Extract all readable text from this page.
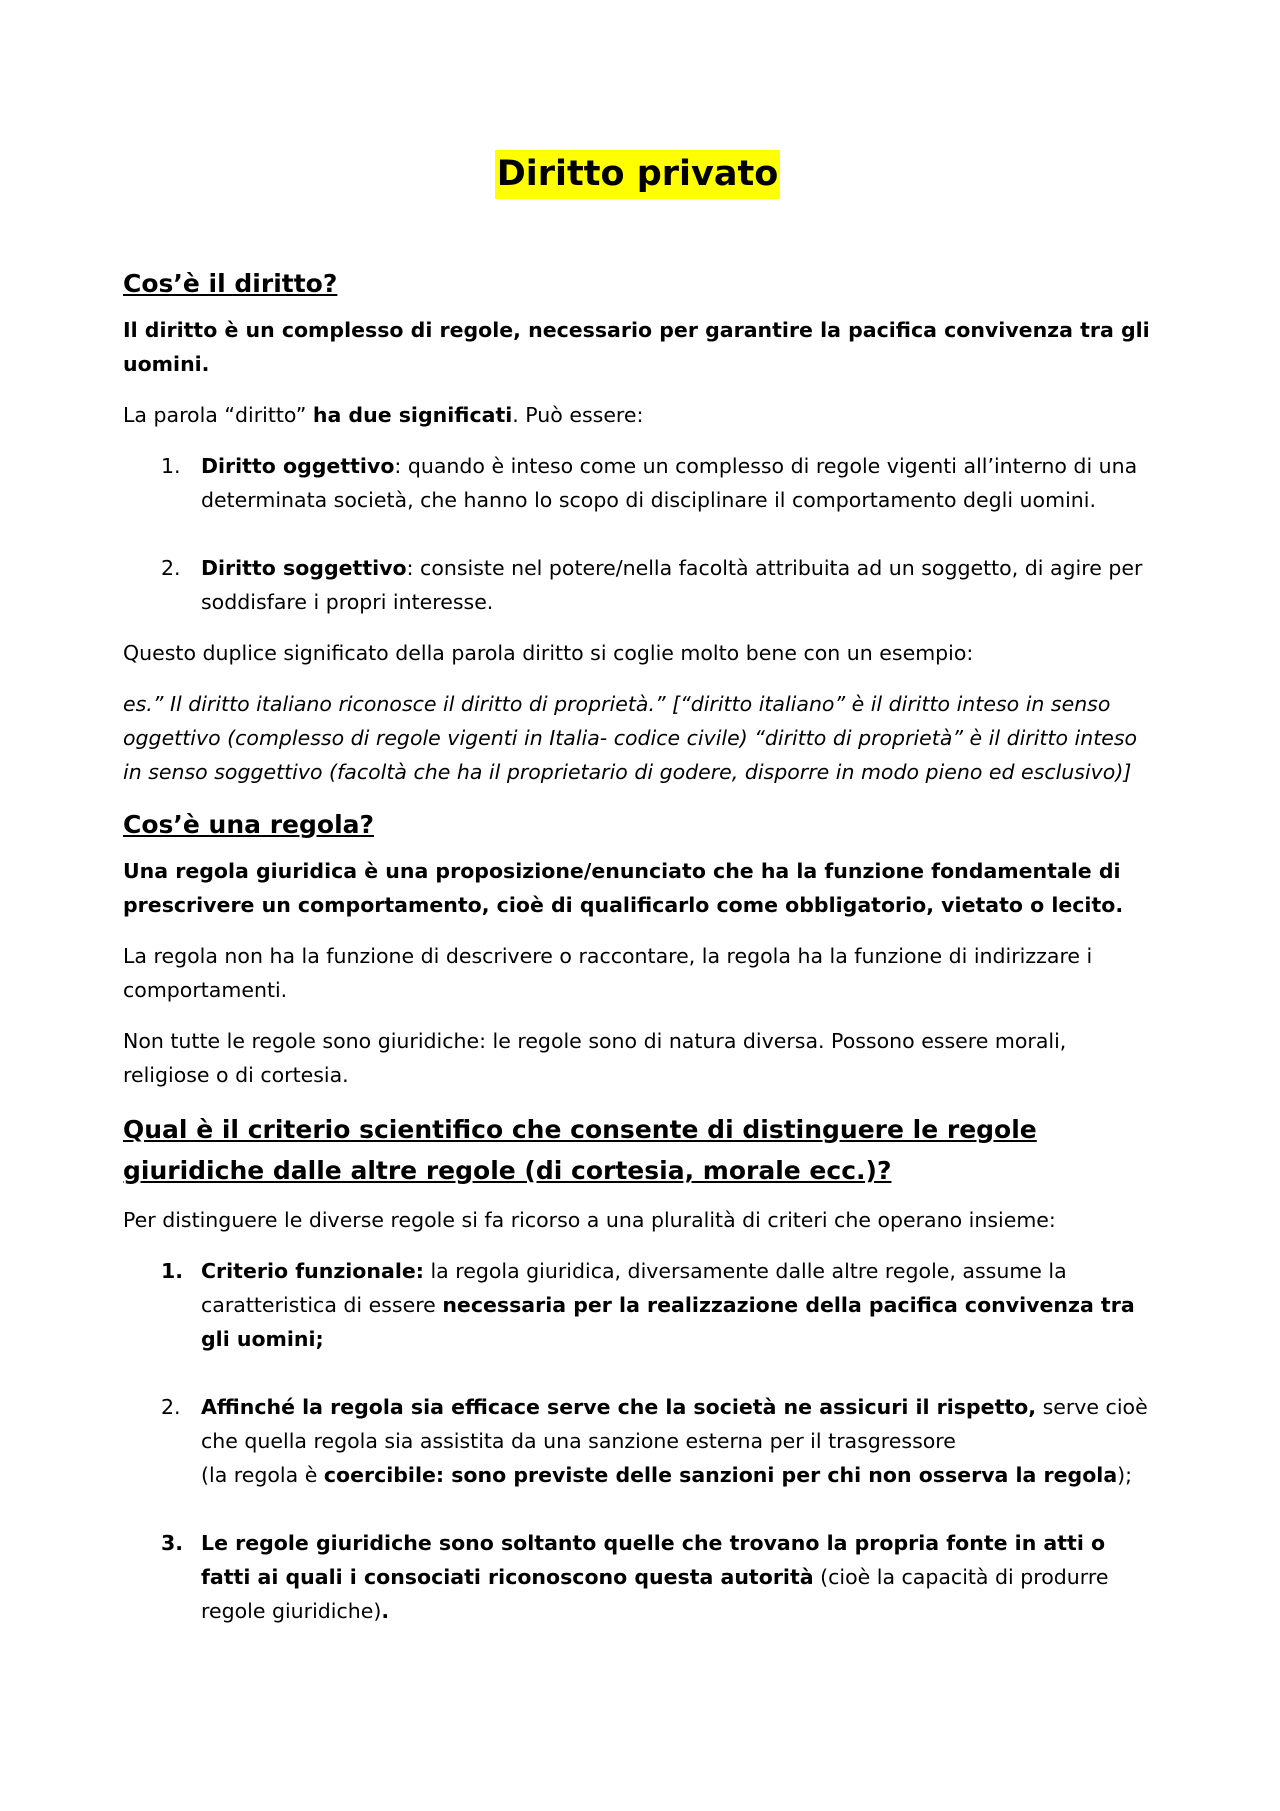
Diritto privato
Cos’è il diritto?

Il diritto è un complesso di regole, necessario per garantire la pacifica convivenza tra gli uomini.

La parola “diritto” ha due significati. Può essere:

1. Diritto oggettivo: quando è inteso come un complesso di regole vigenti all’interno di una determinata società, che hanno lo scopo di disciplinare il comportamento degli uomini.
2. Diritto soggettivo: consiste nel potere/nella facoltà attribuita ad un soggetto, di agire per soddisfare i propri interesse.

Questo duplice significato della parola diritto si coglie molto bene con un esempio:

es.” Il diritto italiano riconosce il diritto di proprietà.” [“diritto italiano” è il diritto inteso in senso oggettivo (complesso di regole vigenti in Italia- codice civile) “diritto di proprietà” è il diritto inteso in senso soggettivo (facoltà che ha il proprietario di godere, disporre in modo pieno ed esclusivo)]

Cos’è una regola?

Una regola giuridica è una proposizione/enunciato che ha la funzione fondamentale di prescrivere un comportamento, cioè di qualificarlo come obbligatorio, vietato o lecito.

La regola non ha la funzione di descrivere o raccontare, la regola ha la funzione di indirizzare i comportamenti.

Non tutte le regole sono giuridiche: le regole sono di natura diversa. Possono essere morali, religiose o di cortesia.

Qual è il criterio scientifico che consente di distinguere le regole giuridiche dalle altre regole (di cortesia, morale ecc.)?

Per distinguere le diverse regole si fa ricorso a una pluralità di criteri che operano insieme:

1. Criterio funzionale: la regola giuridica, diversamente dalle altre regole, assume la caratteristica di essere necessaria per la realizzazione della pacifica convivenza tra gli uomini;
2. Affinché la regola sia efficace serve che la società ne assicuri il rispetto, serve cioè che quella regola sia assistita da una sanzione esterna per il trasgressore
(la regola è coercibile: sono previste delle sanzioni per chi non osserva la regola);
3. Le regole giuridiche sono soltanto quelle che trovano la propria fonte in atti o fatti ai quali i consociati riconoscono questa autorità (cioè la capacità di produrre regole giuridiche).
